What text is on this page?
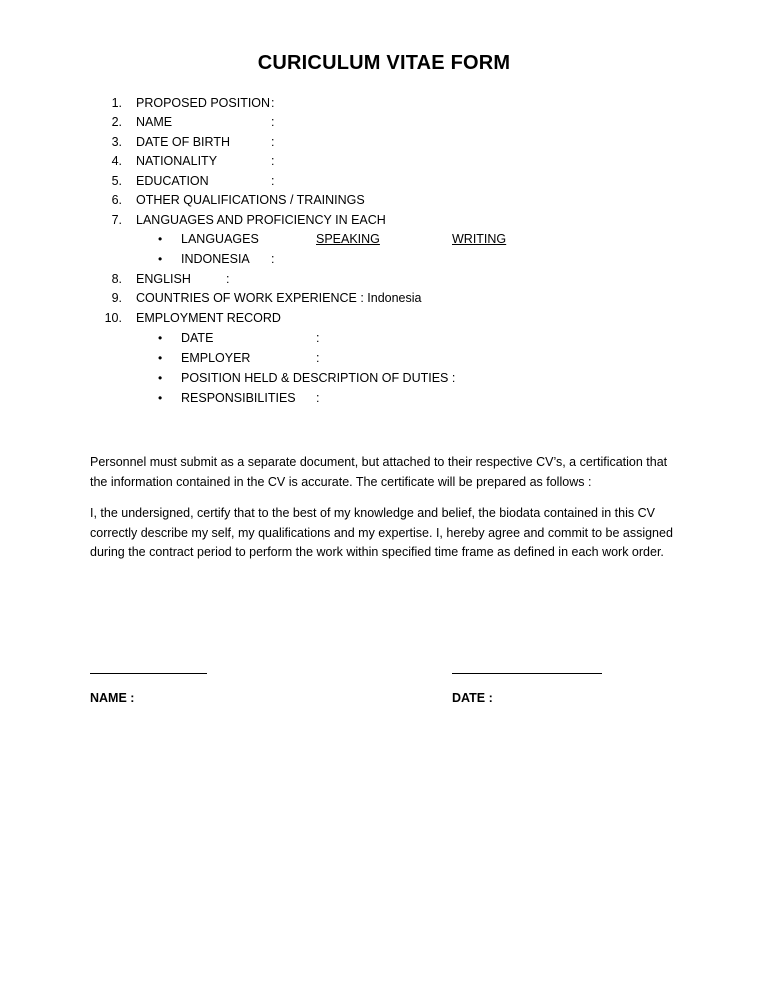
CURICULUM VITAE FORM
1. PROPOSED POSITION :
2. NAME	:
3. DATE OF BIRTH	:
4. NATIONALITY	:
5. EDUCATION	:
6. OTHER QUALIFICATIONS / TRAININGS
7. LANGUAGES AND PROFICIENCY IN EACH
• LANGUAGES	SPEAKING	WRITING
• INDONESIA :
8. ENGLISH	:
9. COUNTRIES OF WORK EXPERIENCE : Indonesia
10. EMPLOYMENT RECORD
• DATE	:
• EMPLOYER	:
• POSITION HELD & DESCRIPTION OF DUTIES :
• RESPONSIBILITIES :
Personnel must submit as a separate document, but attached to their respective CV’s, a certification that the information contained in the CV is accurate. The certificate will be prepared as follows :
I, the undersigned, certify that to the best of my knowledge and belief, the biodata contained in this CV correctly describe my self, my qualifications and my expertise. I, hereby agree and commit to be assigned during the contract period to perform the work within specified time frame as defined in each work order.
NAME :	DATE :
